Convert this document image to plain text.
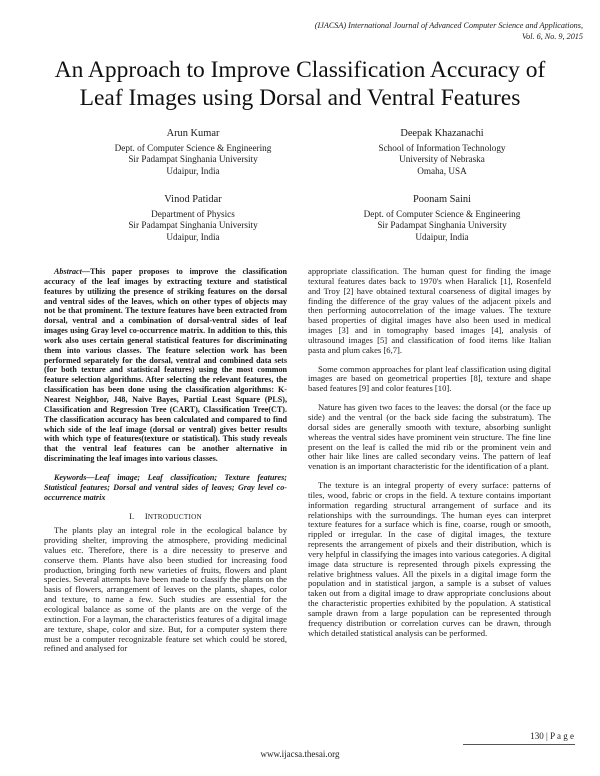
(IJACSA) International Journal of Advanced Computer Science and Applications,
Vol. 6, No. 9, 2015
An Approach to Improve Classification Accuracy of
Leaf Images using Dorsal and Ventral Features
Arun Kumar
Dept. of Computer Science & Engineering
Sir Padampat Singhania University
Udaipur, India
Deepak Khazanachi
School of Information Technology
University of Nebraska
Omaha, USA
Vinod Patidar
Department of Physics
Sir Padampat Singhania University
Udaipur, India
Poonam Saini
Dept. of Computer Science & Engineering
Sir Padampat Singhania University
Udaipur, India

Abstract—This paper proposes to improve the classification accuracy of the leaf images by extracting texture and statistical features by utilizing the presence of striking features on the dorsal and ventral sides of the leaves, which on other types of objects may not be that prominent. The texture features have been extracted from dorsal, ventral and a combination of dorsal-ventral sides of leaf images using Gray level co-occurrence matrix. In addition to this, this work also uses certain general statistical features for discriminating them into various classes. The feature selection work has been performed separately for the dorsal, ventral and combined data sets (for both texture and statistical features) using the most common feature selection algorithms. After selecting the relevant features, the classification has been done using the classification algorithms: K-Nearest Neighbor, J48, Naïve Bayes, Partial Least Square (PLS), Classification and Regression Tree (CART), Classification Tree(CT). The classification accuracy has been calculated and compared to find which side of the leaf image (dorsal or ventral) gives better results with which type of features(texture or statistical). This study reveals that the ventral leaf features can be another alternative in discriminating the leaf images into various classes.

Keywords—Leaf image; Leaf classification; Texture features; Statistical features; Dorsal and ventral sides of leaves; Gray level co-occurrence matrix

I. INTRODUCTION

The plants play an integral role in the ecological balance by providing shelter, improving the atmosphere, providing medicinal values etc. Therefore, there is a dire necessity to preserve and conserve them. Plants have also been studied for increasing food production, bringing forth new varieties of fruits, flowers and plant species. Several attempts have been made to classify the plants on the basis of flowers, arrangement of leaves on the plants, shapes, color and texture, to name a few. Such studies are essential for the ecological balance as some of the plants are on the verge of the extinction. For a layman, the characteristics features of a digital image are texture, shape, color and size. But, for a computer system there must be a computer recognizable feature set which could be stored, refined and analysed for

appropriate classification. The human quest for finding the image textural features dates back to 1970's when Haralick [1], Rosenfeld and Troy [2] have obtained textural coarseness of digital images by finding the difference of the gray values of the adjacent pixels and then performing autocorrelation of the image values. The texture based properties of digital images have also been used in medical images [3] and in tomography based images [4], analysis of ultrasound images [5] and classification of food items like Italian pasta and plum cakes [6,7].

Some common approaches for plant leaf classification using digital images are based on geometrical properties [8], texture and shape based features [9] and color features [10].

Nature has given two faces to the leaves: the dorsal (or the face up side) and the ventral (or the back side facing the substratum). The dorsal sides are generally smooth with texture, absorbing sunlight whereas the ventral sides have prominent vein structure. The fine line present on the leaf is called the mid rib or the prominent vein and other hair like lines are called secondary veins. The pattern of leaf venation is an important characteristic for the identification of a plant.

The texture is an integral property of every surface: patterns of tiles, wood, fabric or crops in the field. A texture contains important information regarding structural arrangement of surface and its relationships with the surroundings. The human eyes can interpret texture features for a surface which is fine, coarse, rough or smooth, rippled or irregular. In the case of digital images, the texture represents the arrangement of pixels and their distribution, which is very helpful in classifying the images into various categories. A digital image data structure is represented through pixels expressing the relative brightness values. All the pixels in a digital image form the population and in statistical jargon, a sample is a subset of values taken out from a digital image to draw appropriate conclusions about the characteristic properties exhibited by the population. A statistical sample drawn from a large population can be represented through frequency distribution or correlation curves can be drawn, through which detailed statistical analysis can be performed.

130 | P a g e
www.ijacsa.thesai.org
